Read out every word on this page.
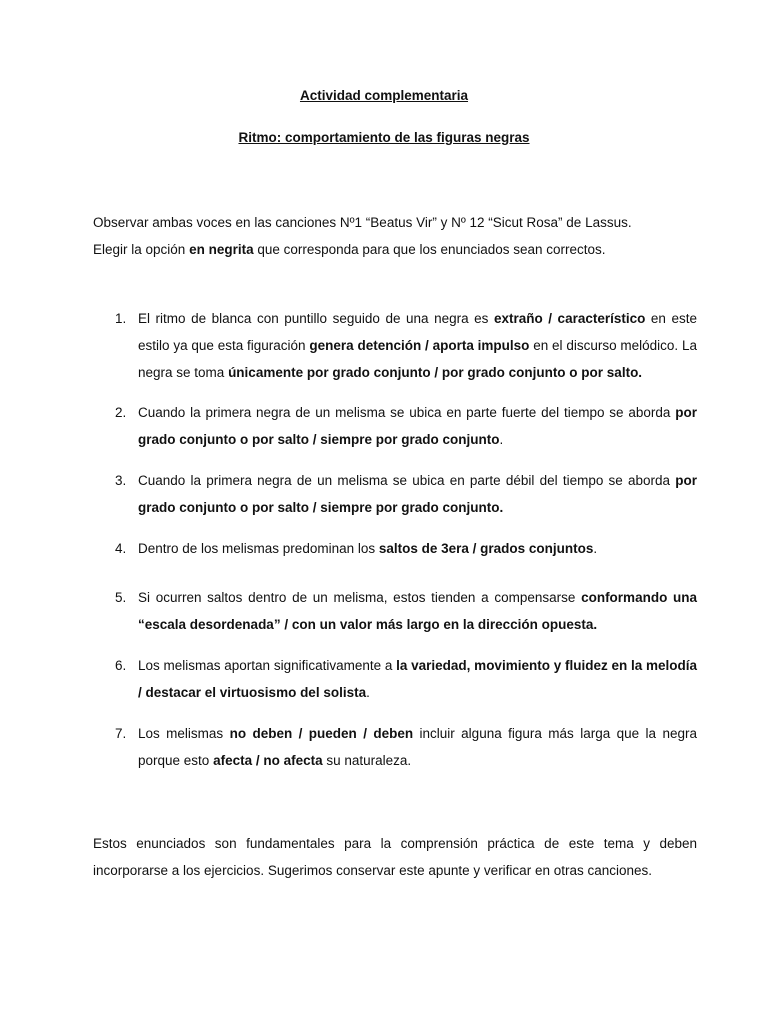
Actividad complementaria
Ritmo: comportamiento de las figuras negras
Observar ambas voces en las canciones Nº1 “Beatus Vir” y Nº 12 “Sicut Rosa” de Lassus.
Elegir la opción en negrita que corresponda para que los enunciados sean correctos.
1. El ritmo de blanca con puntillo seguido de una negra es extraño / característico en este estilo ya que esta figuración genera detención / aporta impulso en el discurso melódico. La negra se toma únicamente por grado conjunto / por grado conjunto o por salto.
2. Cuando la primera negra de un melisma se ubica en parte fuerte del tiempo se aborda por grado conjunto o por salto / siempre por grado conjunto.
3. Cuando la primera negra de un melisma se ubica en parte débil del tiempo se aborda por grado conjunto o por salto / siempre por grado conjunto.
4. Dentro de los melismas predominan los saltos de 3era / grados conjuntos.
5. Si ocurren saltos dentro de un melisma, estos tienden a compensarse conformando una “escala desordenada” / con un valor más largo en la dirección opuesta.
6. Los melismas aportan significativamente a la variedad, movimiento y fluidez en la melodía / destacar el virtuosismo del solista.
7. Los melismas no deben / pueden / deben incluir alguna figura más larga que la negra porque esto afecta / no afecta su naturaleza.
Estos enunciados son fundamentales para la comprensión práctica de este tema y deben incorporarse a los ejercicios. Sugerimos conservar este apunte y verificar en otras canciones.
